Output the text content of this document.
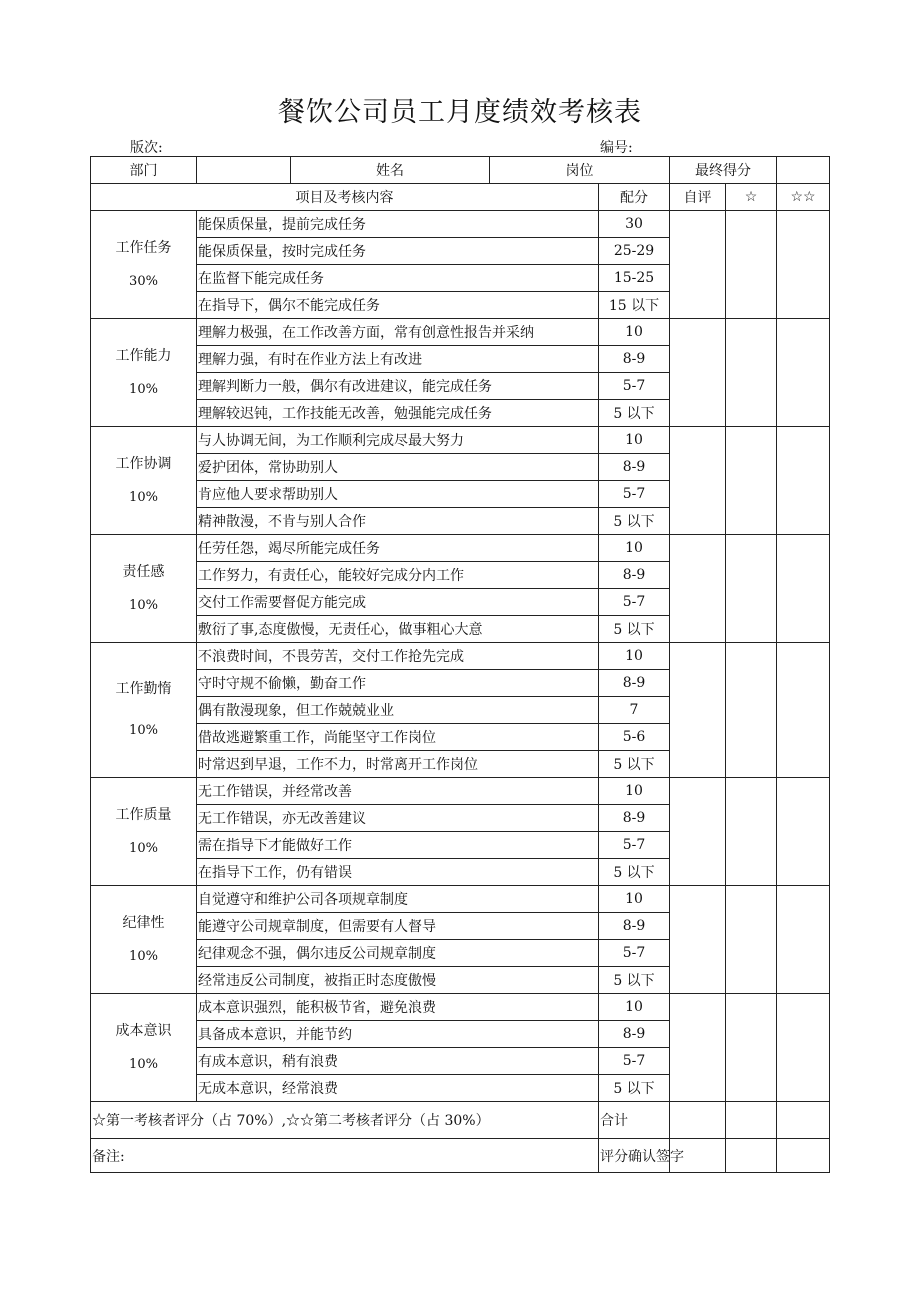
餐饮公司员工月度绩效考核表
版次:	编号:
部门		姓名	岗位		最终得分		
项目及考核内容				配分	自评	☆	☆☆

工作任务
30%	能保质保量，提前完成任务			30			
	能保质保量，按时完成任务			25-29			
	在监督下能完成任务			15-25			
	在指导下，偶尔不能完成任务			15 以下			

工作能力
10%	理解力极强，在工作改善方面，常有创意性报告并采纳			10			
	理解力强，有时在作业方法上有改进			8-9			
	理解判断力一般，偶尔有改进建议，能完成任务			5-7			
	理解较迟钝，工作技能无改善，勉强能完成任务			5 以下			

工作协调
10%	与人协调无间，为工作顺利完成尽最大努力			10			
	爱护团体，常协助别人			8-9			
	肯应他人要求帮助别人			5-7			
	精神散漫，不肯与别人合作			5 以下			

责任感
10%	任劳任怨，竭尽所能完成任务			10			
	工作努力，有责任心，能较好完成分内工作			8-9			
	交付工作需要督促方能完成			5-7			
	敷衍了事,态度傲慢，无责任心，做事粗心大意			5 以下			

工作勤惰
10%	不浪费时间，不畏劳苦，交付工作抢先完成			10			
	守时守规不偷懒，勤奋工作			8-9			
	偶有散漫现象，但工作兢兢业业			7			
	借故逃避繁重工作，尚能坚守工作岗位			5-6			
	时常迟到早退，工作不力，时常离开工作岗位			5 以下			

工作质量
10%	无工作错误，并经常改善			10			
	无工作错误，亦无改善建议			8-9			
	需在指导下才能做好工作			5-7			
	在指导下工作，仍有错误			5 以下			

纪律性
10%	自觉遵守和维护公司各项规章制度			10			
	能遵守公司规章制度，但需要有人督导			8-9			
	纪律观念不强，偶尔违反公司规章制度			5-7			
	经常违反公司制度，被指正时态度傲慢			5 以下			

成本意识
10%	成本意识强烈，能积极节省，避免浪费			10			
	具备成本意识，并能节约			8-9			
	有成本意识，稍有浪费			5-7			
	无成本意识，经常浪费			5 以下			
☆第一考核者评分（占 70%）,☆☆第二考核者评分（占 30%）				合计			
备注:				评分确认签字			
